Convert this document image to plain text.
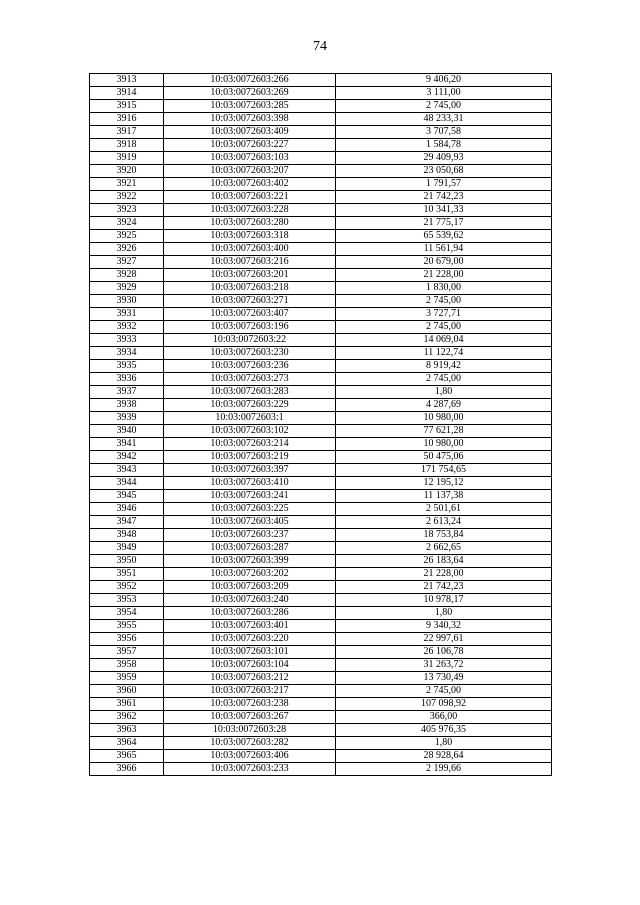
74
3913	10:03:0072603:266	9 406,20
3914	10:03:0072603:269	3 111,00
3915	10:03:0072603:285	2 745,00
3916	10:03:0072603:398	48 233,31
3917	10:03:0072603:409	3 707,58
3918	10:03:0072603:227	1 584,78
3919	10:03:0072603:103	29 409,93
3920	10:03:0072603:207	23 050,68
3921	10:03:0072603:402	1 791,57
3922	10:03:0072603:221	21 742,23
3923	10:03:0072603:228	10 341,33
3924	10:03:0072603:280	21 775,17
3925	10:03:0072603:318	65 539,62
3926	10:03:0072603:400	11 561,94
3927	10:03:0072603:216	20 679,00
3928	10:03:0072603:201	21 228,00
3929	10:03:0072603:218	1 830,00
3930	10:03:0072603:271	2 745,00
3931	10:03:0072603:407	3 727,71
3932	10:03:0072603:196	2 745,00
3933	10:03:0072603:22	14 069,04
3934	10:03:0072603:230	11 122,74
3935	10:03:0072603:236	8 919,42
3936	10:03:0072603:273	2 745,00
3937	10:03:0072603:283	1,80
3938	10:03:0072603:229	4 287,69
3939	10:03:0072603:1	10 980,00
3940	10:03:0072603:102	77 621,28
3941	10:03:0072603:214	10 980,00
3942	10:03:0072603:219	50 475,06
3943	10:03:0072603:397	171 754,65
3944	10:03:0072603:410	12 195,12
3945	10:03:0072603:241	11 137,38
3946	10:03:0072603:225	2 501,61
3947	10:03:0072603:405	2 613,24
3948	10:03:0072603:237	18 753,84
3949	10:03:0072603:287	2 662,65
3950	10:03:0072603:399	26 183,64
3951	10:03:0072603:202	21 228,00
3952	10:03:0072603:209	21 742,23
3953	10:03:0072603:240	10 978,17
3954	10:03:0072603:286	1,80
3955	10:03:0072603:401	9 340,32
3956	10:03:0072603:220	22 997,61
3957	10:03:0072603:101	26 106,78
3958	10:03:0072603:104	31 263,72
3959	10:03:0072603:212	13 730,49
3960	10:03:0072603:217	2 745,00
3961	10:03:0072603:238	107 098,92
3962	10:03:0072603:267	366,00
3963	10:03:0072603:28	405 976,35
3964	10:03:0072603:282	1,80
3965	10:03:0072603:406	28 928,64
3966	10:03:0072603:233	2 199,66
